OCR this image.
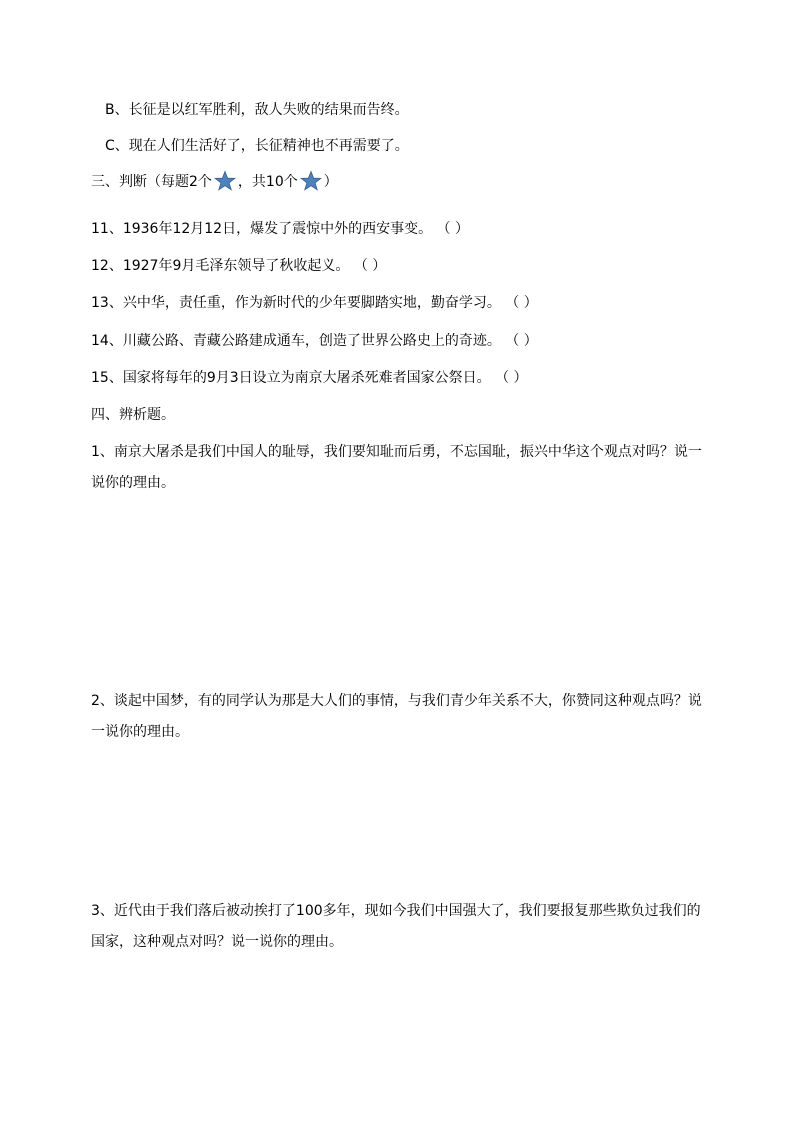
B、长征是以红军胜利，敌人失败的结果而告终。
C、现在人们生活好了，长征精神也不再需要了。
三、判断（每题2个 ，共10个 ）
11、1936年12月12日，爆发了震惊中外的西安事变。 （ ）
12、1927年9月毛泽东领导了秋收起义。 （ ）
13、兴中华，责任重，作为新时代的少年要脚踏实地，勤奋学习。 （ ）
14、川藏公路、青藏公路建成通车，创造了世界公路史上的奇迹。 （ ）
15、国家将每年的9月3日设立为南京大屠杀死难者国家公祭日。 （ ）
四、辨析题。
1、南京大屠杀是我们中国人的耻辱，我们要知耻而后勇，不忘国耻，振兴中华这个观点对吗？说一说你的理由。
2、谈起中国梦，有的同学认为那是大人们的事情，与我们青少年关系不大，你赞同这种观点吗？说一说你的理由。
3、近代由于我们落后被动挨打了100多年，现如今我们中国强大了，我们要报复那些欺负过我们的国家，这种观点对吗？说一说你的理由。
